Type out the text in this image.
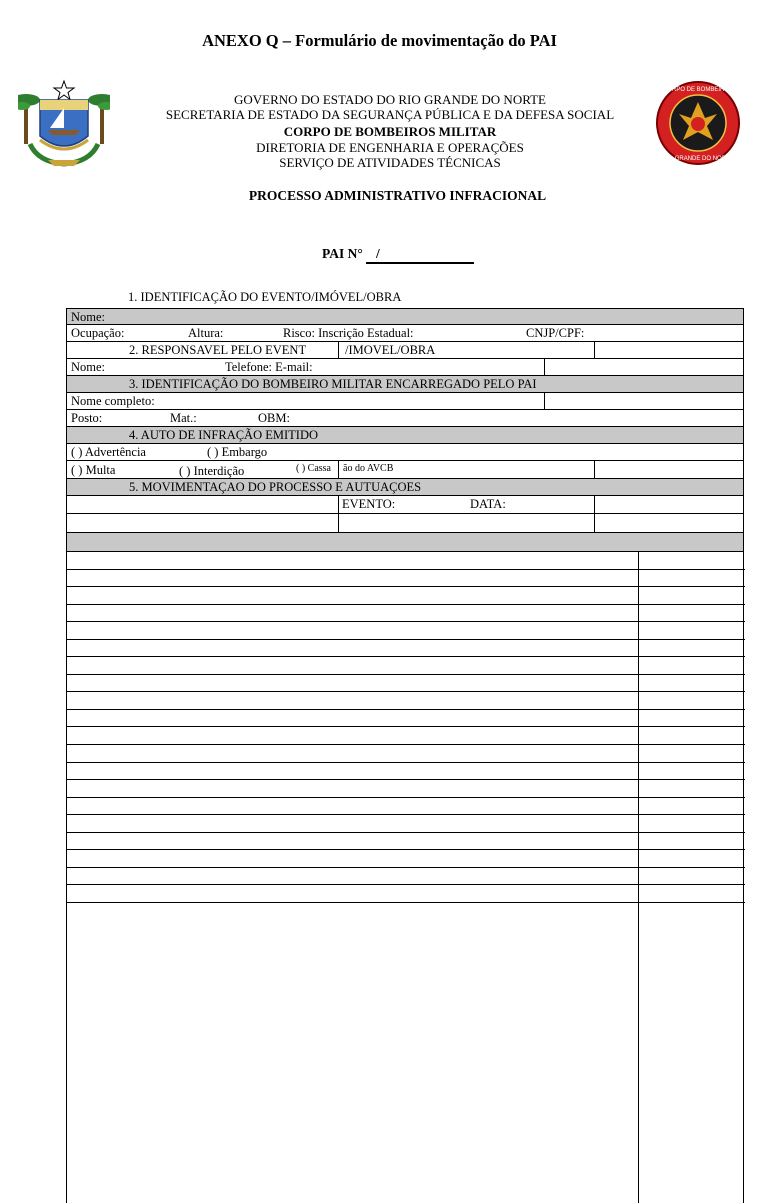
ANEXO Q – Formulário de movimentação do PAI
CORPO DE BOMBEIROS
RIO GRANDE DO NORTE
GOVERNO DO ESTADO DO RIO GRANDE DO NORTE
SECRETARIA DE ESTADO DA SEGURANÇA PÚBLICA E DA DEFESA SOCIAL
CORPO DE BOMBEIROS MILITAR
DIRETORIA DE ENGENHARIA E OPERAÇÕES
SERVIÇO DE ATIVIDADES TÉCNICAS
PROCESSO ADMINISTRATIVO INFRACIONAL
PAI N° /
1. IDENTIFICAÇÃO DO EVENTO/IMÓVEL/OBRA
Nome:
Ocupação:	Altura:	Risco: Inscrição Estadual:	CNJP/CPF:
2. RESPONSAVEL PELO EVENT	/IMOVEL/OBRA
Nome:	Telefone: E-mail:
3. IDENTIFICAÇÃO DO BOMBEIRO MILITAR ENCARREGADO PELO PAI
Nome completo:
Posto:	Mat.:	OBM:
4. AUTO DE INFRAÇÃO EMITIDO
( ) Advertência	( ) Embargo
( ) Multa	( ) Interdição	( ) Cassa ão do AVCB
5. MOVIMENTAÇAO DO PROCESSO E AUTUAÇOES
EVENTO:	DATA:
